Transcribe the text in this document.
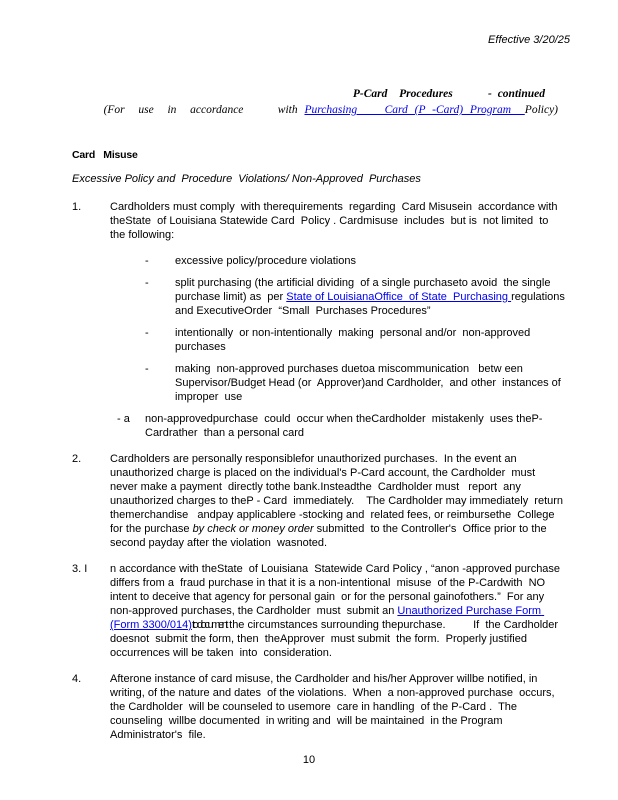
Effective 3/20/25
P-Card  Procedures      - continued
(For  use  in  accordance     with Purchasing    Card (P -Card) Program  Policy)
Card   Misuse
Excessive Policy and  Procedure  Violations/ Non-Approved  Purchases
1.	Cardholders must comply  with therequirements  regarding  Card Misusein  accordance with theState  of Louisiana Statewide Card  Policy . Cardmisuse  includes  but is  not limited  to the following:
-	excessive policy/procedure violations
-	split purchasing (the artificial dividing  of a single purchaseto avoid  the single purchase limit) as  per State of LouisianaOffice  of State  Purchasing regulations  and ExecutiveOrder  “Small  Purchases Procedures”
-	intentionally  or non-intentionally  making  personal and/or  non-approved purchases
-	making  non-approved purchases duetoa miscommunication   betw een Supervisor/Budget Head (or  Approver)and Cardholder,  and other  instances of improper  use
- a	non-approvedpurchase  could  occur when theCardholder  mistakenly  uses theP-Cardrather  than a personal card
2.	Cardholders are personally responsiblefor unauthorized purchases.  In the event an unauthorized charge is placed on the individual's P-Card account, the Cardholder  must never make a payment  directly tothe bank.Insteadthe  Cardholder must   report  any unauthorized charges to theP - Card  immediately.    The Cardholder may immediately  return themerchandise   andpay applicablere -stocking and  related fees, or reimbursethe  College for the purchase by check or money order submitted  to the Controller's  Office prior to the second payday after the violation  wasnoted.
3. I	n accordance with theState  of Louisiana  Statewide Card Policy , “anon -approved purchase differs from a  fraud purchase in that it is a non-intentional  misuse  of the P-Cardwith  NO intent to deceive that agency for personal gain  or for the personal gainofothers.”  For any non-approved purchases, the Cardholder  must  submit an Unauthorized Purchase Form (Form 3300/014)to document the circumstances surrounding thepurchase.         If  the Cardholder  doesnot  submit the form, then  theApprover  must submit  the form.  Properly justified occurrences will be taken  into  consideration.
4.	Afterone instance of card misuse, the Cardholder and his/her Approver willbe notified, in writing, of the nature and dates  of the violations.  When  a non-approved purchase  occurs, the Cardholder  will be counseled to usemore  care in handling  of the P-Card .  The counseling  willbe documented  in writing and  will be maintained  in the Program Administrator's  file.
10
